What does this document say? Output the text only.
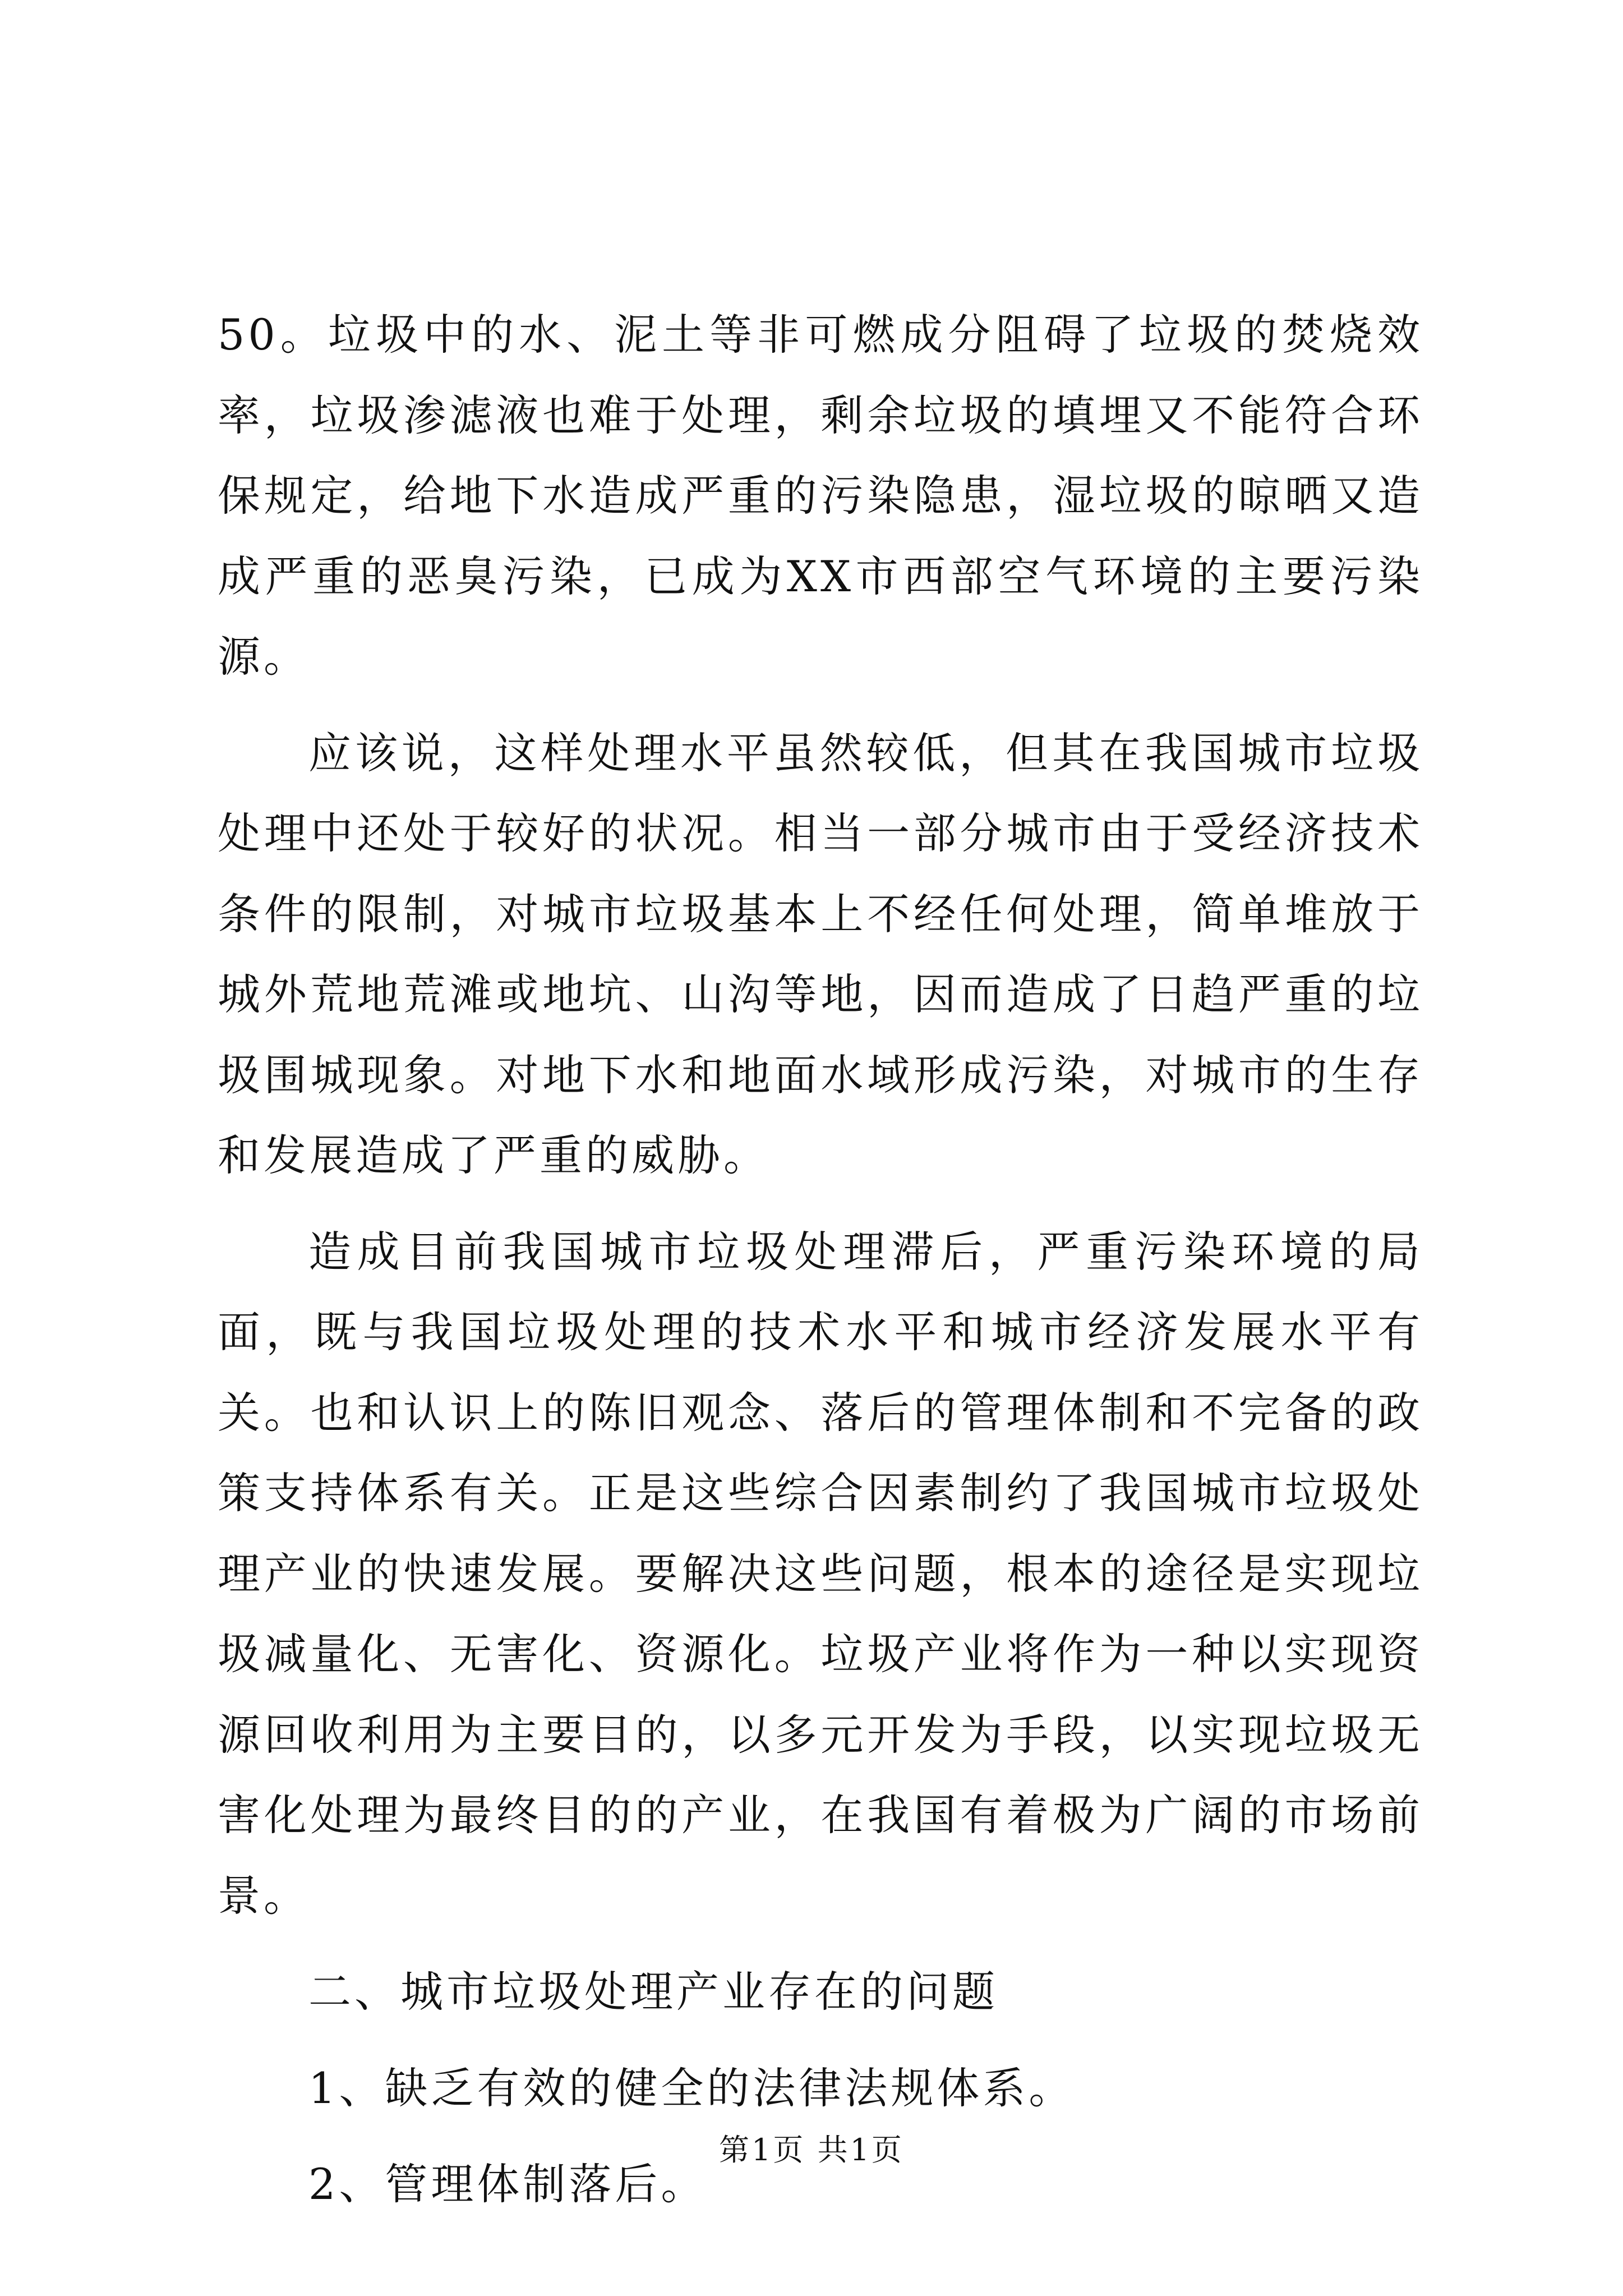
50。垃圾中的水、泥土等非可燃成分阻碍了垃圾的焚烧效率，垃圾渗滤液也难于处理，剩余垃圾的填埋又不能符合环保规定，给地下水造成严重的污染隐患，湿垃圾的晾晒又造成严重的恶臭污染，已成为XX市西部空气环境的主要污染源。

应该说，这样处理水平虽然较低，但其在我国城市垃圾处理中还处于较好的状况。相当一部分城市由于受经济技术条件的限制，对城市垃圾基本上不经任何处理，简单堆放于城外荒地荒滩或地坑、山沟等地，因而造成了日趋严重的垃圾围城现象。对地下水和地面水域形成污染，对城市的生存和发展造成了严重的威胁。

造成目前我国城市垃圾处理滞后，严重污染环境的局面，既与我国垃圾处理的技术水平和城市经济发展水平有关。也和认识上的陈旧观念、落后的管理体制和不完备的政策支持体系有关。正是这些综合因素制约了我国城市垃圾处理产业的快速发展。要解决这些问题，根本的途径是实现垃圾减量化、无害化、资源化。垃圾产业将作为一种以实现资源回收利用为主要目的，以多元开发为手段，以实现垃圾无害化处理为最终目的的产业，在我国有着极为广阔的市场前景。

二、城市垃圾处理产业存在的问题

1、缺乏有效的健全的法律法规体系。

2、管理体制落后。

第1页 共1页
